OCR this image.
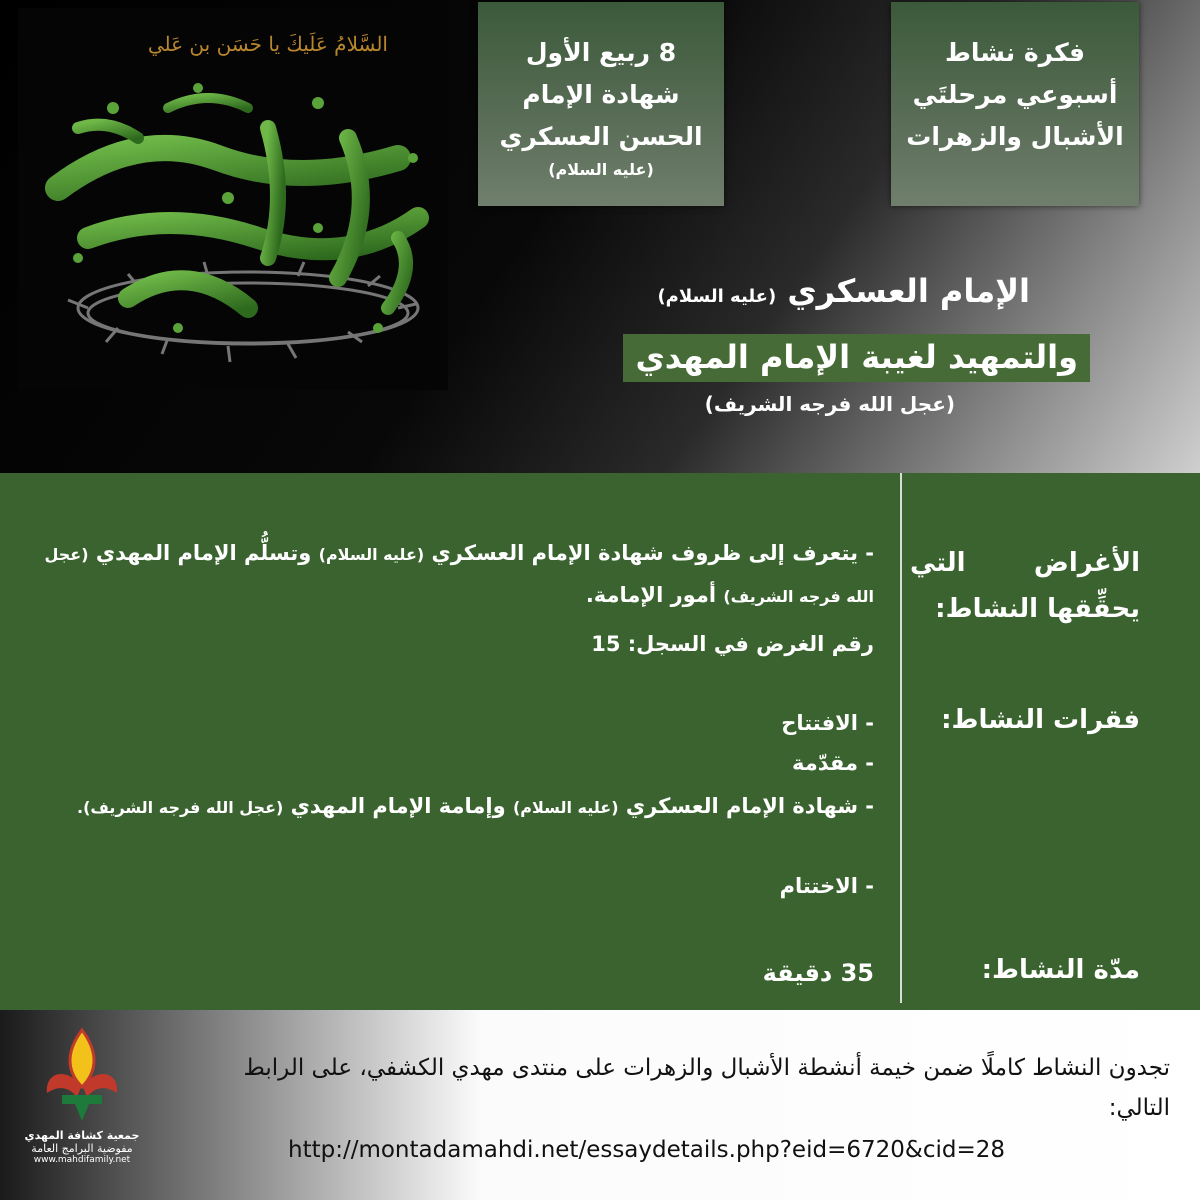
السَّلامُ عَلَيكَ يا حَسَن بن عَلي	فكرة نشاط
أسبوعي مرحلتَي
الأشبال والزهرات
8 ربيع الأول
شهادة الإمام
الحسن العسكري
(عليه السلام)
الإمام العسكري (عليه السلام)
والتمهيد لغيبة الإمام المهدي
(عجل الله فرجه الشريف)
الأغراض التي يحقِّقها النشاط:
- يتعرف إلى ظروف شهادة الإمام العسكري (عليه السلام) وتسلُّم الإمام المهدي (عجل الله فرجه الشريف) أمور الإمامة.
رقم الغرض في السجل: 15
فقرات النشاط:
- الافتتاح
- مقدّمة
- شهادة الإمام العسكري (عليه السلام) وإمامة الإمام المهدي (عجل الله فرجه الشريف).
- الاختتام
مدّة النشاط:
35 دقيقة
جمعية كشافة المهدي
مفوضية البرامج العامة
www.mahdifamily.net
تجدون النشاط كاملًا ضمن خيمة أنشطة الأشبال والزهرات على منتدى مهدي الكشفي، على الرابط التالي:
http://montadamahdi.net/essaydetails.php?eid=6720&cid=28
